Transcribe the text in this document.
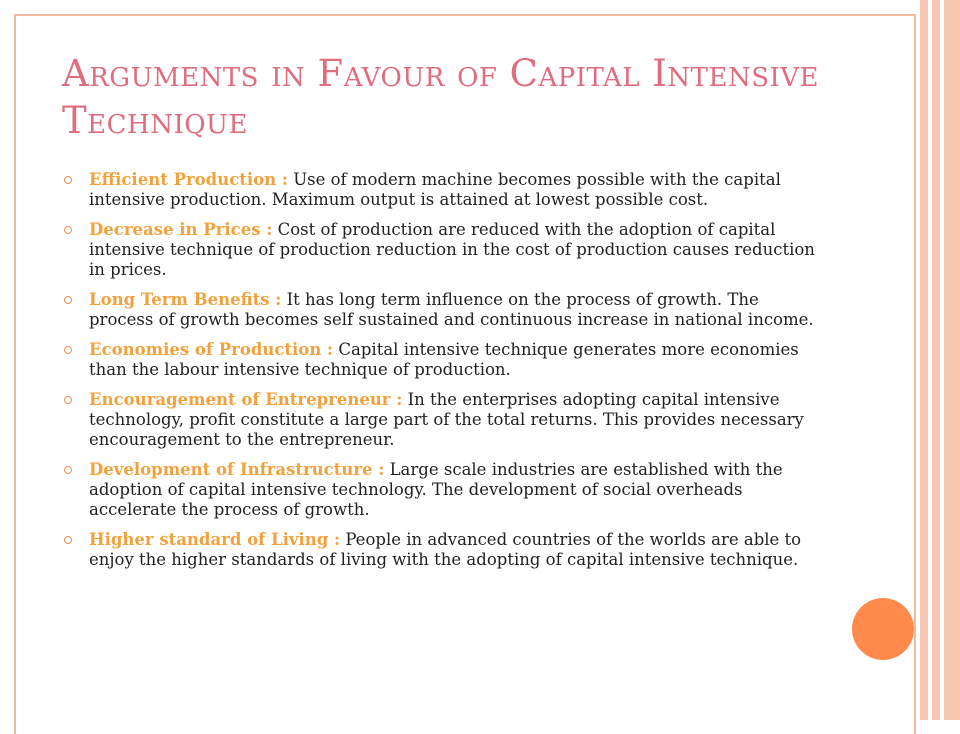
Arguments in Favour of Capital Intensive Technique
Efficient Production : Use of modern machine becomes possible with the capital intensive production. Maximum output is attained at lowest possible cost.
Decrease in Prices : Cost of production are reduced with the adoption of capital intensive technique of production reduction in the cost of production causes reduction in prices.
Long Term Benefits : It has long term influence on the process of growth. The process of growth becomes self sustained and continuous increase in national income.
Economies of Production : Capital intensive technique generates more economies than the labour intensive technique of production.
Encouragement of Entrepreneur : In the enterprises adopting capital intensive technology, profit constitute a large part of the total returns. This provides necessary encouragement to the entrepreneur.
Development of Infrastructure : Large scale industries are established with the adoption of capital intensive technology. The development of social overheads accelerate the process of growth.
Higher standard of Living : People in advanced countries of the worlds are able to enjoy the higher standards of living with the adopting of capital intensive technique.
